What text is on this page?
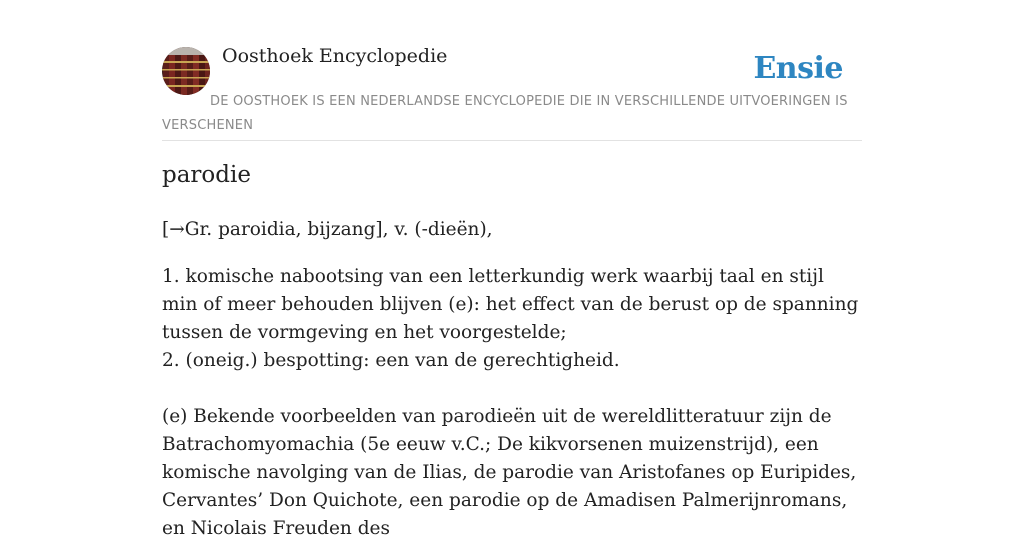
Oosthoek Encyclopedie	Ensie
DE OOSTHOEK IS EEN NEDERLANDSE ENCYCLOPEDIE DIE IN VERSCHILLENDE UITVOERINGEN IS VERSCHENEN
parodie

[→Gr. paroidia, bijzang], v. (-dieën),

1. komische nabootsing van een letterkundig werk waarbij taal en stijl min of meer behouden blijven (e): het effect van de berust op de spanning tussen de vormgeving en het voorgestelde;

2. (oneig.) bespotting: een van de gerechtigheid.

(e) Bekende voorbeelden van parodieën uit de wereldlitteratuur zijn de Batrachomyomachia (5e eeuw v.C.; De kikvorsenen muizenstrijd), een komische navolging van de Ilias, de parodie van Aristofanes op Euripides, Cervantes’ Don Quichote, een parodie op de Amadisen Palmerijnromans, en Nicolais Freuden des
